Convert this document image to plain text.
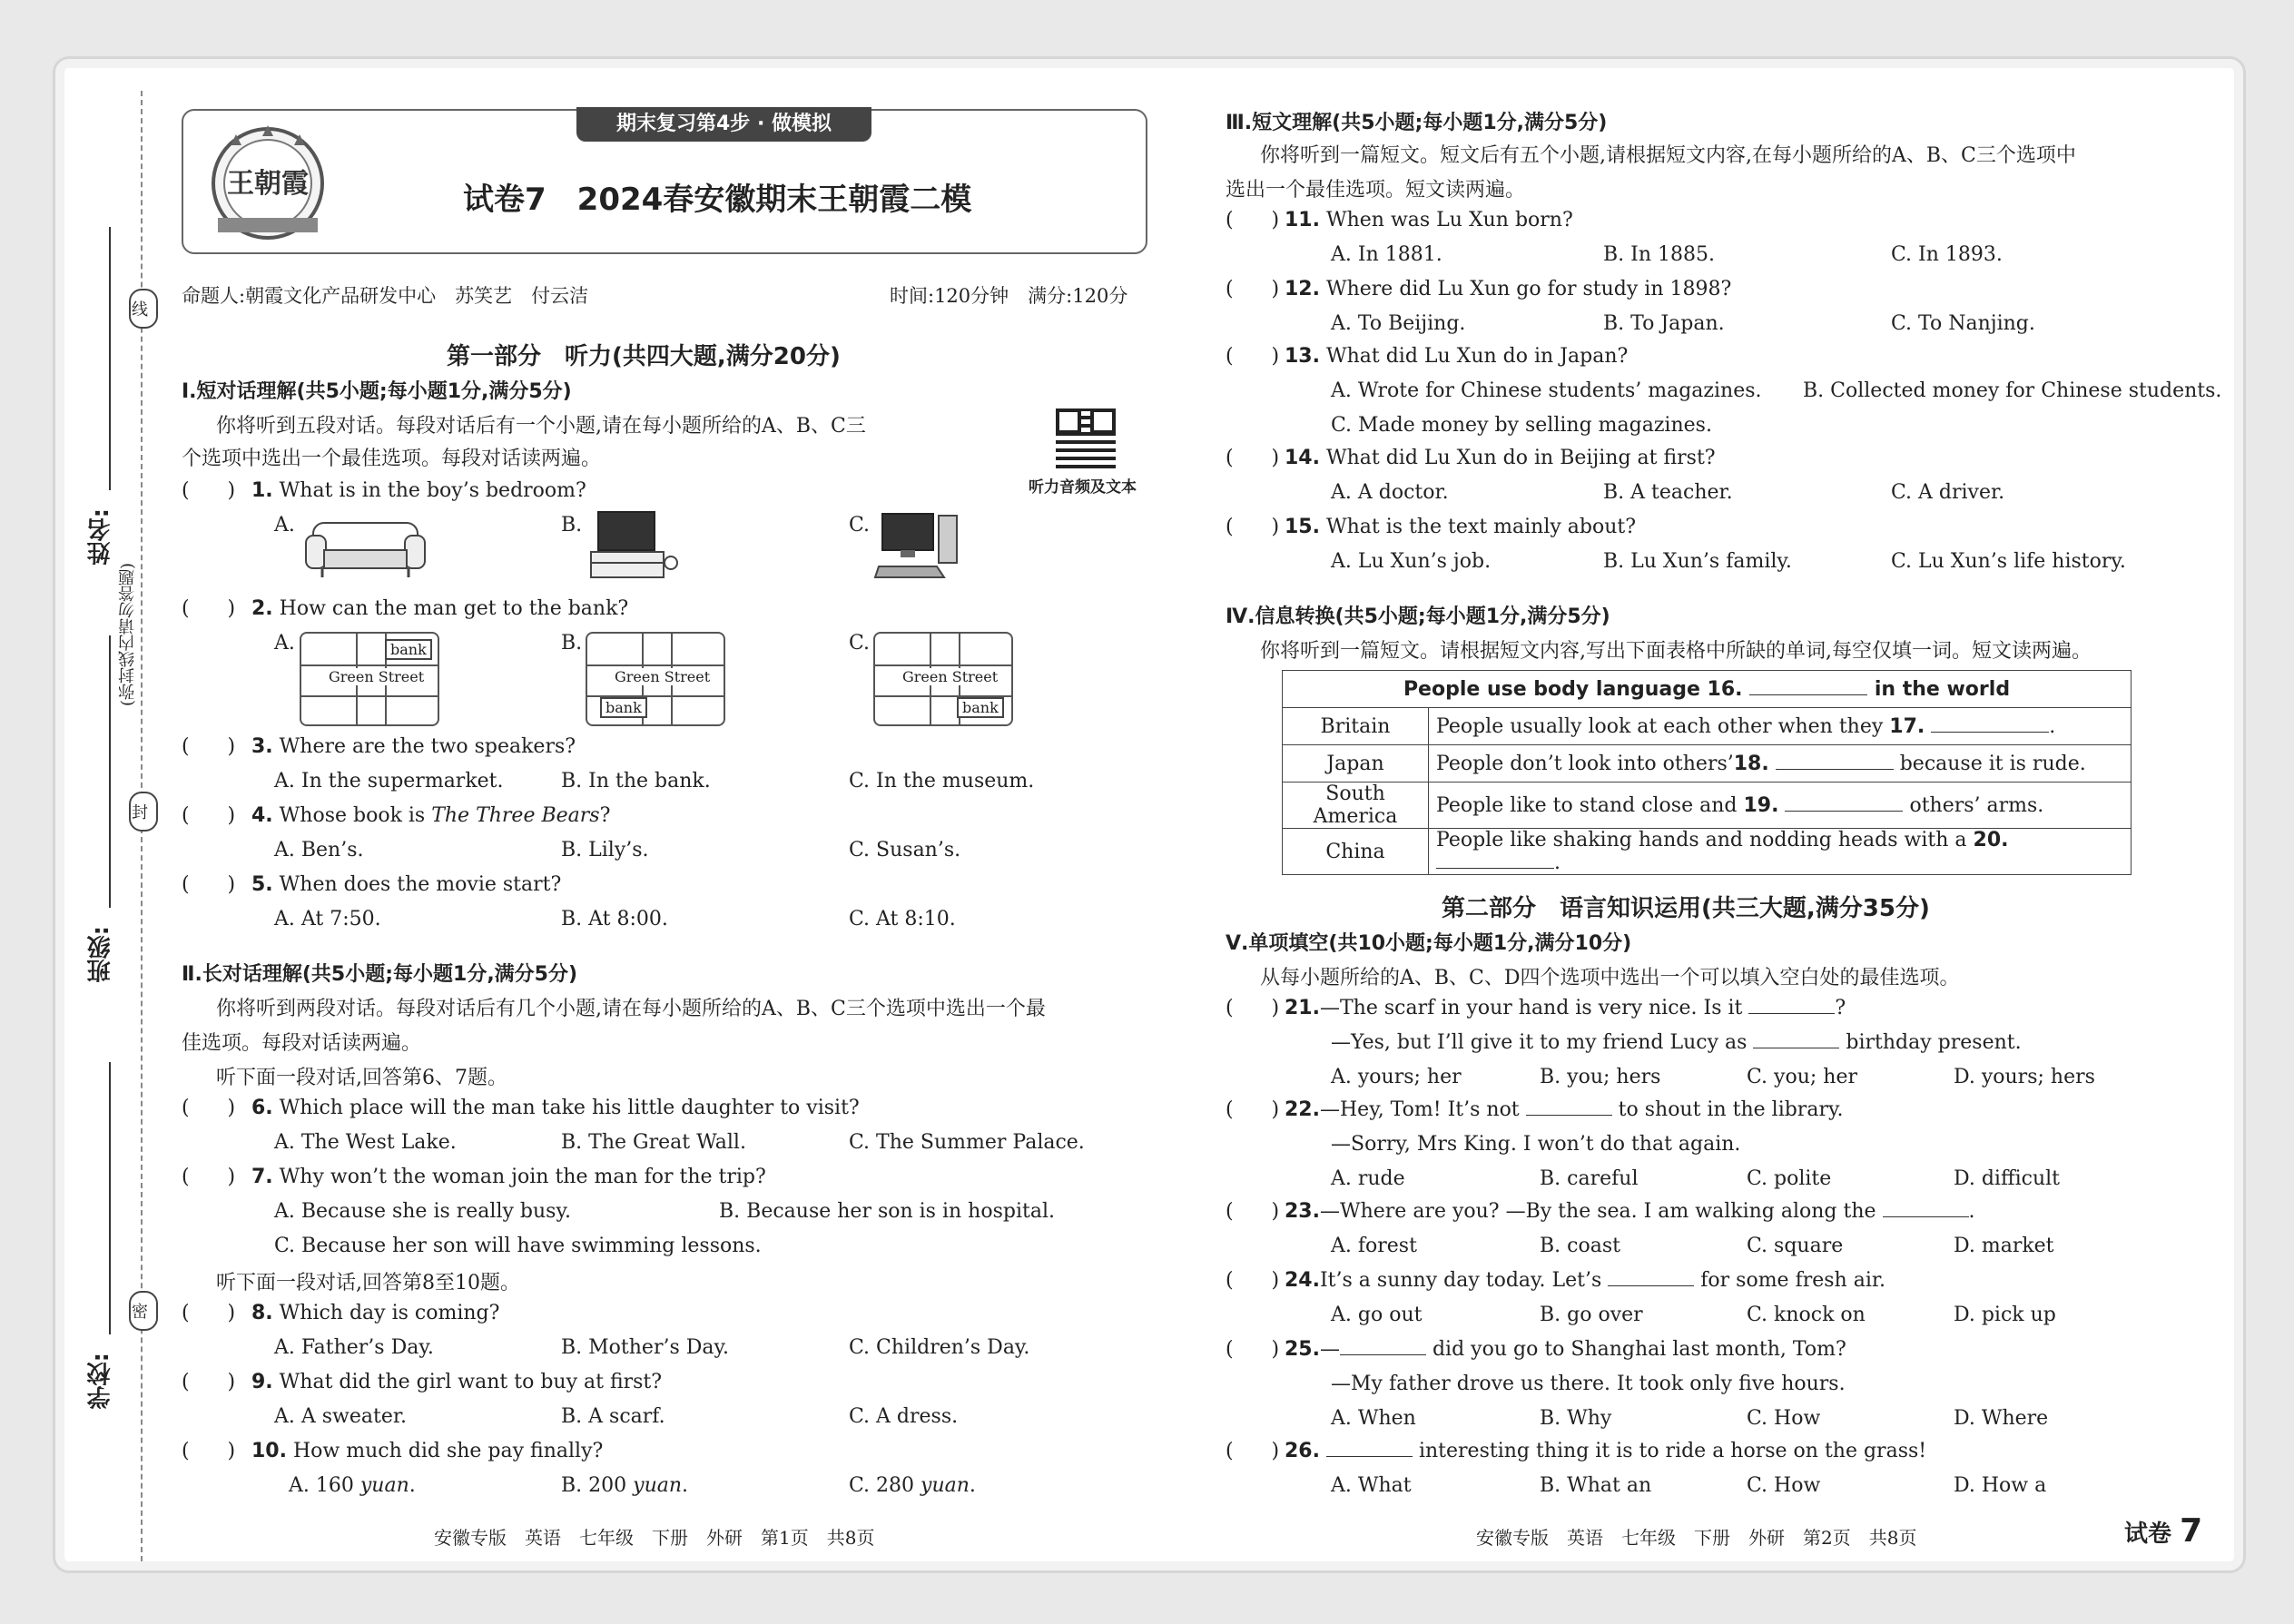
线
封
密
(弥封线内请勿答题)
姓名:
班级:
学校:
期末复习第4步 · 做模拟
王朝霞	试卷7　2024春安徽期末王朝霞二模
命题人:朝霞文化产品研发中心　苏笑艺　付云洁	时间:120分钟　满分:120分
第一部分　听力(共四大题,满分20分)
Ⅰ.短对话理解(共5小题;每小题1分,满分5分)
你将听到五段对话。每段对话后有一个小题,请在每小题所给的A、B、C三
个选项中选出一个最佳选项。每段对话读两遍。
听力音频及文本
(      ) 1. What is in the boy’s bedroom?
A.	B.	C.
(      ) 2. How can the man get to the bank?
A.
Green Street
bank	B.
Green Street
bank
C.
Green Street
bank
(      ) 3. Where are the two speakers?
A. In the supermarket.	B. In the bank.	C. In the museum.
(      ) 4. Whose book is The Three Bears?
A. Ben’s.	B. Lily’s.	C. Susan’s.
(      ) 5. When does the movie start?
A. At 7:50.	B. At 8:00.	C. At 8:10.
Ⅱ.长对话理解(共5小题;每小题1分,满分5分)
你将听到两段对话。每段对话后有几个小题,请在每小题所给的A、B、C三个选项中选出一个最
佳选项。每段对话读两遍。
听下面一段对话,回答第6、7题。
(      ) 6. Which place will the man take his little daughter to visit?
A. The West Lake.	B. The Great Wall.	C. The Summer Palace.
(      ) 7. Why won’t the woman join the man for the trip?
A. Because she is really busy.	B. Because her son is in hospital.
C. Because her son will have swimming lessons.
听下面一段对话,回答第8至10题。
(      ) 8. Which day is coming?
A. Father’s Day.	B. Mother’s Day.	C. Children’s Day.
(      ) 9. What did the girl want to buy at first?
A. A sweater.	B. A scarf.	C. A dress.
(      ) 10. How much did she pay finally?
A. 160 yuan.	B. 200 yuan.	C. 280 yuan.
Ⅲ.短文理解(共5小题;每小题1分,满分5分)
你将听到一篇短文。短文后有五个小题,请根据短文内容,在每小题所给的A、B、C三个选项中
选出一个最佳选项。短文读两遍。
(      ) 11. When was Lu Xun born?
A. In 1881.	B. In 1885.	C. In 1893.
(      ) 12. Where did Lu Xun go for study in 1898?
A. To Beijing.	B. To Japan.	C. To Nanjing.
(      ) 13. What did Lu Xun do in Japan?
A. Wrote for Chinese students’ magazines. B. Collected money for Chinese students.
C. Made money by selling magazines.
(      ) 14. What did Lu Xun do in Beijing at first?
A. A doctor.	B. A teacher.	C. A driver.
(      ) 15. What is the text mainly about?
A. Lu Xun’s job.	B. Lu Xun’s family.	C. Lu Xun’s life history.
Ⅳ.信息转换(共5小题;每小题1分,满分5分)
你将听到一篇短文。请根据短文内容,写出下面表格中所缺的单词,每空仅填一词。短文读两遍。
People use body language 16. in the world	
Britain	People usually look at each other when they 17. .
Japan	People don’t look into others’18. because it is rude.
South America	People like to stand close and 19. others’ arms.
China	People like shaking hands and nodding heads with a 20. .
第二部分　语言知识运用(共三大题,满分35分)
Ⅴ.单项填空(共10小题;每小题1分,满分10分)
从每小题所给的A、B、C、D四个选项中选出一个可以填入空白处的最佳选项。
(      ) 21.—The scarf in your hand is very nice. Is it	?
—Yes, but I’ll give it to my friend Lucy as	birthday present.
A. yours; her	B. you; hers	C. you; her	D. yours; hers
(      ) 22.—Hey, Tom! It’s not	to shout in the library.
—Sorry, Mrs King. I won’t do that again.
A. rude	B. careful	C. polite	D. difficult
(      ) 23.—Where are you? —By the sea. I am walking along the	.
A. forest	B. coast	C. square	D. market
(      ) 24.It’s a sunny day today. Let’s	for some fresh air.
A. go out	B. go over	C. knock on	D. pick up
(      ) 25.—	did you go to Shanghai last month, Tom?
—My father drove us there. It took only five hours.
A. When	B. Why	C. How	D. Where
(      ) 26.	interesting thing it is to ride a horse on the grass!
A. What	B. What an	C. How	D. How a
安徽专版　英语　七年级　下册　外研　第1页　共8页	安徽专版　英语　七年级　下册　外研　第2页　共8页	试卷 7
